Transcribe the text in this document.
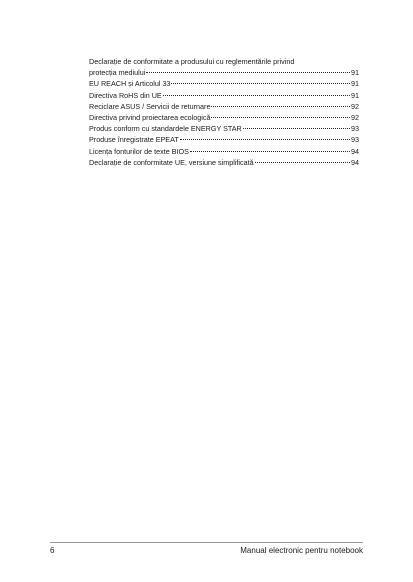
Declarație de conformitate a produsului cu reglementările privind
protecția mediului	91
EU REACH și Articolul 33	91
Directiva RoHS din UE	91
Reciclare ASUS / Servicii de returnare	92
Directiva privind proiectarea ecologică	92
Produs conform cu standardele ENERGY STAR	93
Produse înregistrate EPEAT	93
Licența fonturilor de texte BIOS	94
Declarație de conformitate UE, versiune simplificată	94
6	Manual electronic pentru notebook
